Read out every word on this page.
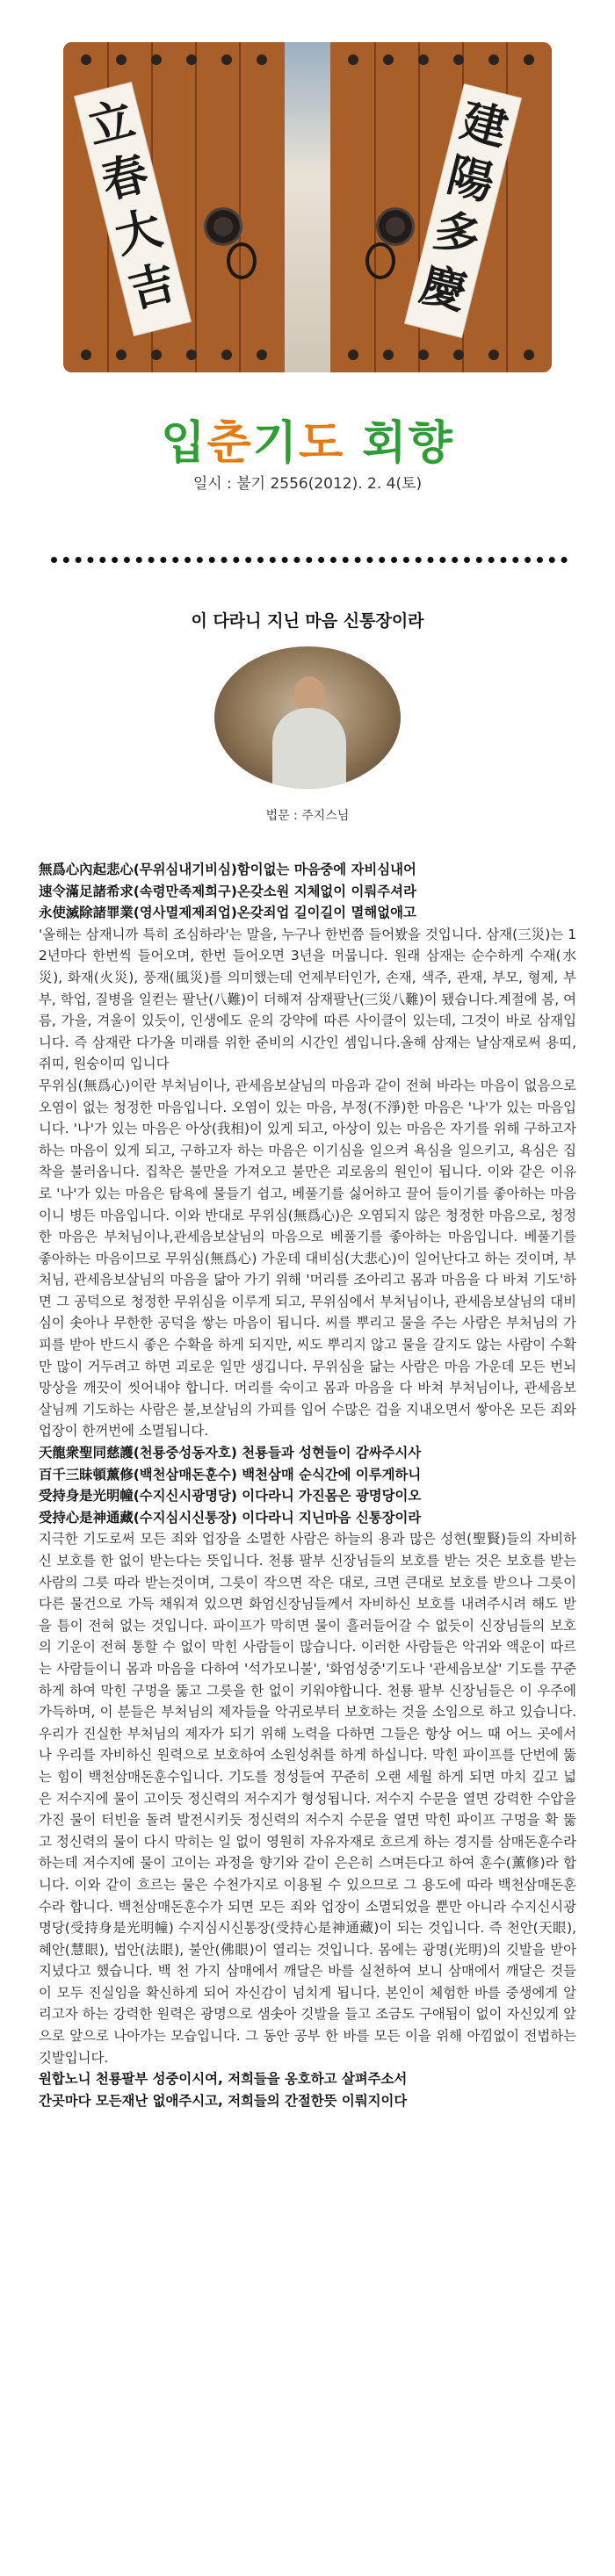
立
春
大
吉
建
陽
多
慶
입춘기도 회향
일시 : 불기 2556(2012). 2. 4(토)
이 다라니 지닌 마음 신통장이라
법문 : 주지스님

無爲心內起悲心(무위심내기비심)함이없는 마음중에 자비심내어

速令滿足諸希求(속령만족제희구)온갖소원 지체없이 이뤄주셔라

永使滅除諸罪業(영사멸제제죄업)온갖죄업 길이길이 멸해없애고

'올해는 삼재니까 특히 조심하라'는 말을, 누구나 한번쯤 들어봤을 것입니다. 삼재(三災)는 12년마다 한번씩 들어오며, 한번 들어오면 3년을 머뭅니다. 원래 삼재는 순수하게 수재(水災), 화재(火災), 풍재(風災)를 의미했는데 언제부터인가, 손재, 색주, 관재, 부모, 형제, 부부, 학업, 질병을 일컫는 팔난(八難)이 더해져 삼재팔난(三災八難)이 됐습니다.계절에 봄, 여름, 가을, 겨울이 있듯이, 인생에도 운의 강약에 따른 사이클이 있는데, 그것이 바로 삼재입니다. 즉 삼재란 다가올 미래를 위한 준비의 시간인 셈입니다.올해 삼재는 날삼재로써 용띠, 쥐띠, 원숭이띠 입니다

무위심(無爲心)이란 부처님이나, 관세음보살님의 마음과 같이 전혀 바라는 마음이 없음으로 오염이 없는 청정한 마음입니다. 오염이 있는 마음, 부정(不淨)한 마음은 '나'가 있는 마음입니다. '나'가 있는 마음은 아상(我相)이 있게 되고, 아상이 있는 마음은 자기를 위해 구하고자 하는 마음이 있게 되고, 구하고자 하는 마음은 이기심을 일으켜 욕심을 일으키고, 욕심은 집착을 불러옵니다. 집착은 불만을 가져오고 불만은 괴로움의 원인이 됩니다. 이와 같은 이유로 '나'가 있는 마음은 탐욕에 물들기 쉽고, 베풀기를 싫어하고 끌어 들이기를 좋아하는 마음이니 병든 마음입니다. 이와 반대로 무위심(無爲心)은 오염되지 않은 청정한 마음으로, 청정한 마음은 부처님이나,관세음보살님의 마음으로 베풀기를 좋아하는 마음입니다. 베풀기를 좋아하는 마음이므로 무위심(無爲心) 가운데 대비심(大悲心)이 일어난다고 하는 것이며, 부처님, 관세음보살님의 마음을 닮아 가기 위해 '머리를 조아리고 몸과 마음을 다 바쳐 기도'하면 그 공덕으로 청정한 무위심을 이루게 되고, 무위심에서 부처님이나, 관세음보살님의 대비심이 솟아나 무한한 공덕을 쌓는 마음이 됩니다. 씨를 뿌리고 물을 주는 사람은 부처님의 가피를 받아 반드시 좋은 수확을 하게 되지만, 씨도 뿌리지 않고 물을 갈지도 않는 사람이 수확만 많이 거두려고 하면 괴로운 일만 생깁니다. 무위심을 닮는 사람은 마음 가운데 모든 번뇌 망상을 깨끗이 씻어내야 합니다. 머리를 숙이고 몸과 마음을 다 바쳐 부처님이나, 관세음보살님께 기도하는 사람은 불,보살님의 가피를 입어 수많은 겁을 지내오면서 쌓아온 모든 죄와 업장이 한꺼번에 소멸됩니다.

天龍衆聖同慈護(천룡중성동자호) 천룡들과 성현들이 감싸주시사

百千三昧頓薰修(백천삼매돈훈수) 백천삼매 순식간에 이루게하니

受持身是光明幢(수지신시광명당) 이다라니 가진몸은 광명당이오

受持心是神通藏(수지심시신통장) 이다라니 지닌마음 신통장이라

지극한 기도로써 모든 죄와 업장을 소멸한 사람은 하늘의 용과 많은 성현(聖賢)들의 자비하신 보호를 한 없이 받는다는 뜻입니다. 천룡 팔부 신장님들의 보호를 받는 것은 보호를 받는 사람의 그릇 따라 받는것이며, 그릇이 작으면 작은 대로, 크면 큰대로 보호를 받으나 그릇이 다른 물건으로 가득 채워져 있으면 화엄신장님들께서 자비하신 보호를 내려주시려 해도 받을 틈이 전혀 없는 것입니다. 파이프가 막히면 물이 흘러들어갈 수 없듯이 신장님들의 보호의 기운이 전혀 통할 수 없이 막힌 사람들이 많습니다. 이러한 사람들은 악귀와 액운이 따르는 사람들이니 몸과 마음을 다하여 '석가모니불', '화엄성중'기도나 '관세음보살' 기도를 꾸준하게 하여 막힌 구멍을 뚫고 그릇을 한 없이 키워야합니다. 천룡 팔부 신장님들은 이 우주에 가득하며, 이 분들은 부처님의 제자들을 악귀로부터 보호하는 것을 소임으로 하고 있습니다. 우리가 진실한 부처님의 제자가 되기 위해 노력을 다하면 그들은 항상 어느 때 어느 곳에서나 우리를 자비하신 원력으로 보호하여 소원성취를 하게 하십니다. 막힌 파이프를 단번에 뚫는 힘이 백천삼매돈훈수입니다. 기도를 정성들여 꾸준히 오랜 세월 하게 되면 마치 깊고 넓은 저수지에 물이 고이듯 정신력의 저수지가 형성됩니다. 저수지 수문을 열면 강력한 수압을 가진 물이 터빈을 돌려 발전시키듯 정신력의 저수지 수문을 열면 막힌 파이프 구멍을 확 뚫고 정신력의 물이 다시 막히는 일 없이 영원히 자유자재로 흐르게 하는 경지를 삼매돈훈수라 하는데 저수지에 물이 고이는 과정을 향기와 같이 은은히 스며든다고 하여 훈수(薰修)라 합니다. 이와 같이 흐르는 물은 수천가지로 이용될 수 있으므로 그 용도에 따라 백천삼매돈훈수라 합니다. 백천삼매돈훈수가 되면 모든 죄와 업장이 소멸되었을 뿐만 아니라 수지신시광명당(受持身是光明幢) 수지심시신통장(受持心是神通藏)이 되는 것입니다. 즉 천안(天眼), 혜안(慧眼), 법안(法眼), 불안(佛眼)이 열리는 것입니다. 몸에는 광명(光明)의 깃발을 받아 지녔다고 했습니다. 백 천 가지 삼매에서 깨달은 바를 실천하여 보니 삼매에서 깨달은 것들이 모두 진실임을 확신하게 되어 자신감이 넘치게 됩니다. 본인이 체험한 바를 중생에게 알리고자 하는 강력한 원력은 광명으로 샘솟아 깃발을 들고 조금도 구애됨이 없이 자신있게 앞으로 앞으로 나아가는 모습입니다. 그 동안 공부 한 바를 모든 이을 위해 아낌없이 전법하는 깃발입니다.

원합노니 천룡팔부 성중이시여, 저희들을 옹호하고 살펴주소서

간곳마다 모든재난 없애주시고, 저희들의 간절한뜻 이뤄지이다
